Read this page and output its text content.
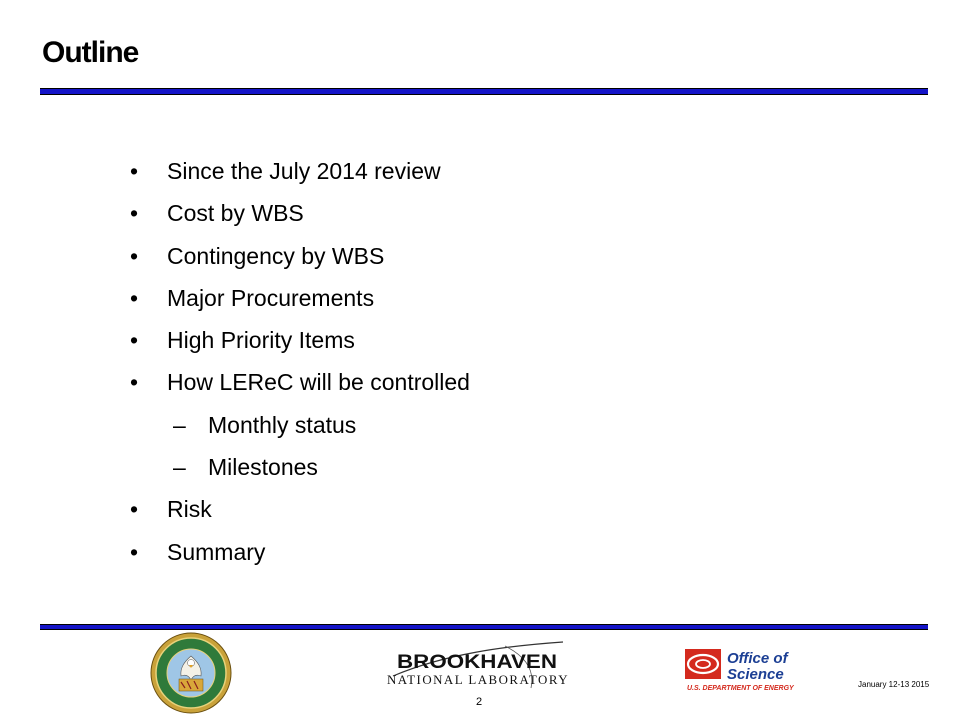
Outline
• Since the July 2014 review
• Cost by WBS
• Contingency by WBS
• Major Procurements
• High Priority Items
• How LEReC will be controlled
– Monthly status
– Milestones
• Risk
• Summary
BROOKHAVEN
NATIONAL LABORATORY
Office of
Science
U.S. DEPARTMENT OF ENERGY	January 12-13 2015
2
